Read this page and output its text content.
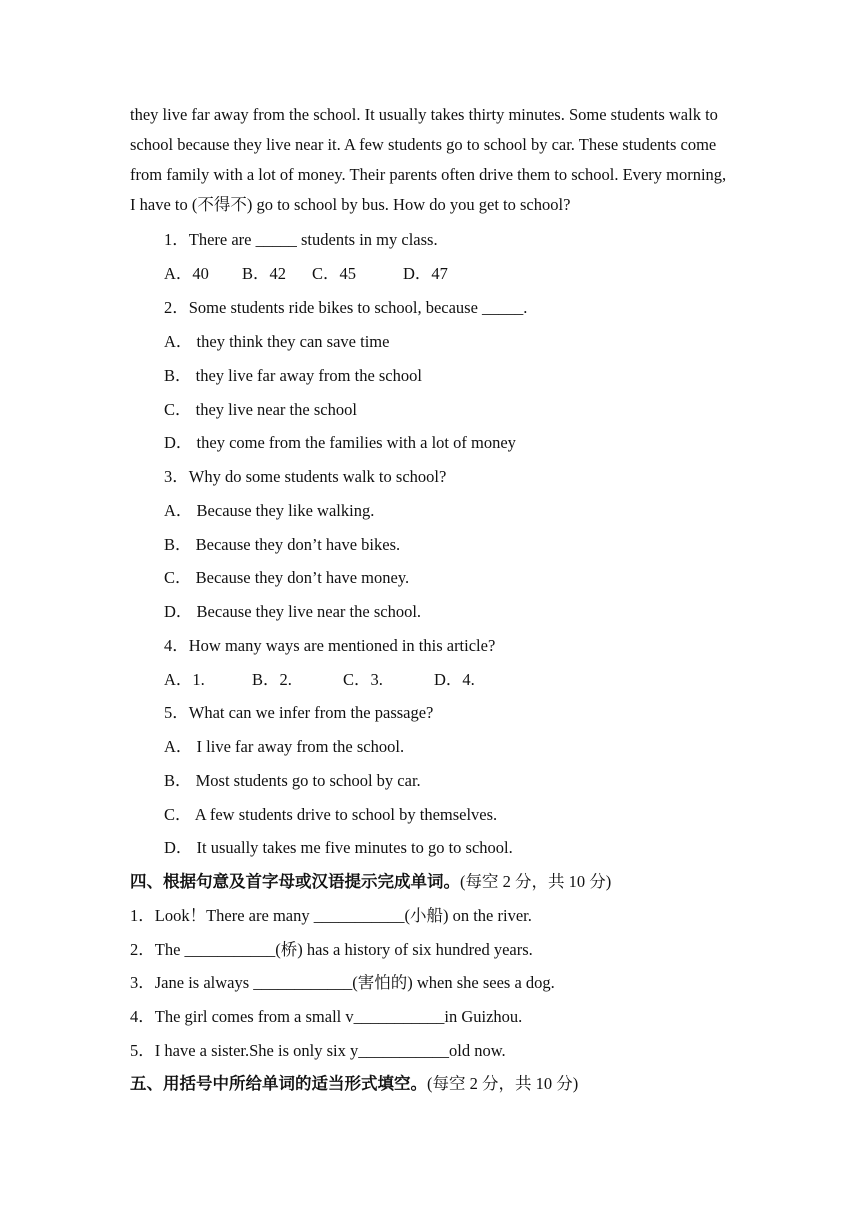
they live far away from the school. It usually takes thirty minutes. Some students walk to
school because they live near it. A few students go to school by car. These students come
from family with a lot of money. Their parents often drive them to school. Every morning,
I have to (不得不) go to school by bus. How do you get to school?
1．There are _____ students in my class.
A．40 B．42 C．45	D．47
2．Some students ride bikes to school, because _____.
A． they think they can save time
B． they live far away from the school
C． they live near the school
D． they come from the families with a lot of money
3．Why do some students walk to school?
A． Because they like walking.
B． Because they don’t have bikes.
C． Because they don’t have money.
D． Because they live near the school.
4．How many ways are mentioned in this article?
A．1.	B．2.	C．3.	D．4.
5．What can we infer from the passage?
A． I live far away from the school.
B． Most students go to school by car.
C． A few students drive to school by themselves.
D． It usually takes me five minutes to go to school.
四、根据句意及首字母或汉语提示完成单词。(每空 2 分，共 10 分)
1．Look！There are many ___________(小船) on the river.
2．The ___________(桥) has a history of six hundred years.
3．Jane is always ____________(害怕的) when she sees a dog.
4．The girl comes from a small v___________in Guizhou.
5．I have a sister.She is only six y___________old now.
五、用括号中所给单词的适当形式填空。(每空 2 分，共 10 分)
